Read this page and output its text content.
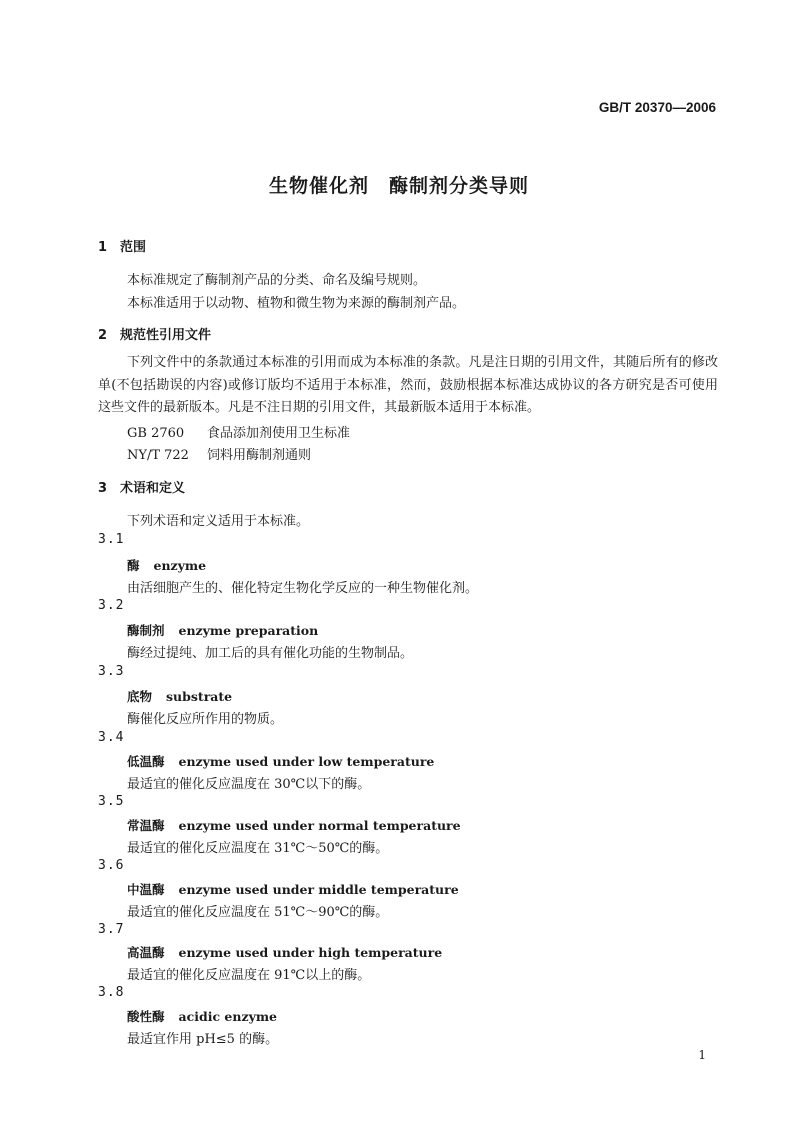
GB/T 20370—2006
生物催化剂　酶制剂分类导则
1 范围
本标准规定了酶制剂产品的分类、命名及编号规则。
本标准适用于以动物、植物和微生物为来源的酶制剂产品。
2 规范性引用文件
下列文件中的条款通过本标准的引用而成为本标准的条款。凡是注日期的引用文件，其随后所有的修改单(不包括勘误的内容)或修订版均不适用于本标准，然而，鼓励根据本标准达成协议的各方研究是否可使用这些文件的最新版本。凡是不注日期的引用文件，其最新版本适用于本标准。
GB 2760 食品添加剂使用卫生标准
NY/T 722 饲料用酶制剂通则
3 术语和定义
下列术语和定义适用于本标准。
3.1
酶 enzyme
由活细胞产生的、催化特定生物化学反应的一种生物催化剂。
3.2
酶制剂 enzyme preparation
酶经过提纯、加工后的具有催化功能的生物制品。
3.3
底物 substrate
酶催化反应所作用的物质。
3.4
低温酶 enzyme used under low temperature
最适宜的催化反应温度在 30℃以下的酶。
3.5
常温酶 enzyme used under normal temperature
最适宜的催化反应温度在 31℃～50℃的酶。
3.6
中温酶 enzyme used under middle temperature
最适宜的催化反应温度在 51℃～90℃的酶。
3.7
高温酶 enzyme used under high temperature
最适宜的催化反应温度在 91℃以上的酶。
3.8
酸性酶 acidic enzyme
最适宜作用 pH≤5 的酶。
1
